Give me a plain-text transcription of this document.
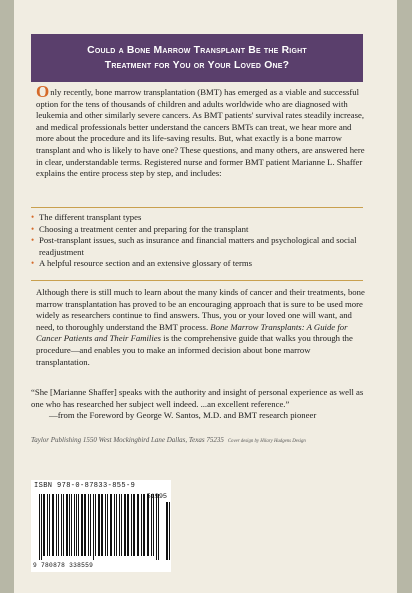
Could a Bone Marrow Transplant Be the Right
Treatment for You or Your Loved One?

Only recently, bone marrow transplantation (BMT) has emerged as a viable and successful option for the tens of thousands of children and adults worldwide who are diagnosed with leukemia and other similarly severe cancers. As BMT patients' survival rates steadily increase, and medical professionals better understand the cancers BMTs can treat, we hear more and more about the procedure and its life-saving results. But, what exactly is a bone marrow transplant and who is likely to have one? These questions, and many others, are answered here in clear, understandable terms. Registered nurse and former BMT patient Marianne L. Shaffer explains the entire process step by step, and includes:

• The different transplant types
• Choosing a treatment center and preparing for the transplant
• Post-transplant issues, such as insurance and financial matters and psychological and social readjustment
• A helpful resource section and an extensive glossary of terms

Although there is still much to learn about the many kinds of cancer and their treatments, bone marrow transplantation has proved to be an encouraging approach that is sure to be used more widely as researchers continue to find answers. Thus, you or your loved one will want, and need, to thoroughly understand the BMT process. Bone Marrow Transplants: A Guide for Cancer Patients and Their Families is the comprehensive guide that walks you through the procedure—and enables you to make an informed decision about bone marrow transplantation.

“She [Marianne Shaffer] speaks with the authority and insight of personal experience as well as one who has researched her subject well indeed. ...an excellent reference.”
—from the Foreword by George W. Santos, M.D. and BMT research pioneer
Taylor Publishing 1550 West Mockingbird Lane Dallas, Texas 75235 Cover design by Hilary Hudgens Design
ISBN 978-0-87833-855-9
51995
9 780878 338559
